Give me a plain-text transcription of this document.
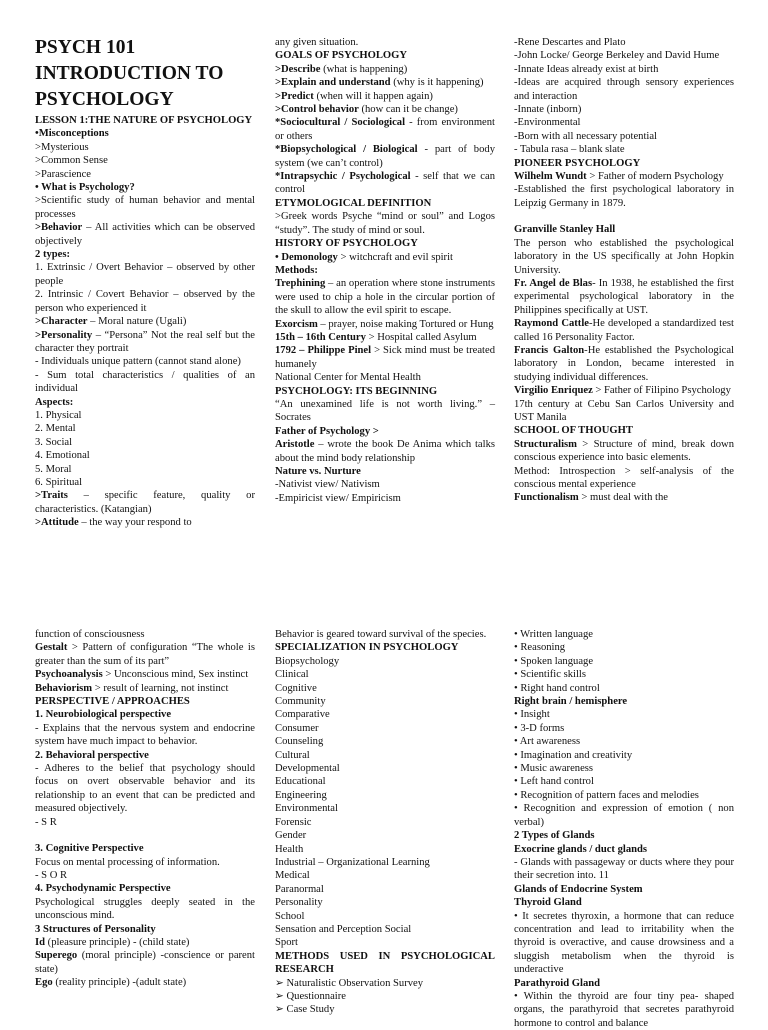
PSYCH 101
INTRODUCTION TO
PSYCHOLOGY

LESSON 1:THE NATURE OF PSYCHOLOGY

•Misconceptions

>Mysterious

>Common Sense

>Parascience

• What is Psychology?

>Scientific study of human behavior and mental processes

>Behavior – All activities which can be observed objectively

2 types:

1. Extrinsic / Overt Behavior – observed by other people

2. Intrinsic / Covert Behavior – observed by the person who experienced it

>Character – Moral nature (Ugali)

>Personality – “Persona” Not the real self but the character they portrait

- Individuals unique pattern (cannot stand alone)

- Sum total characteristics / qualities of an individual

Aspects:

1. Physical

2. Mental

3. Social

4. Emotional

5. Moral

6. Spiritual

>Traits – specific feature, quality or characteristics. (Katangian)

>Attitude – the way your respond to

any given situation.

GOALS OF PSYCHOLOGY

>Describe (what is happening)

>Explain and understand (why is it happening)

>Predict (when will it happen again)

>Control behavior (how can it be change)

*Sociocultural / Sociological - from environment or others

*Biopsychological / Biological - part of body system (we can’t control)

*Intrapsychic / Psychological - self that we can control

ETYMOLOGICAL DEFINITION

>Greek words Psyche “mind or soul” and Logos “study”. The study of mind or soul.

HISTORY OF PSYCHOLOGY

• Demonology > witchcraft and evil spirit

Methods:

Trephining – an operation where stone instruments were used to chip a hole in the circular portion of the skull to allow the evil spirit to escape.

Exorcism – prayer, noise making Tortured or Hung

15th – 16th Century > Hospital called Asylum

1792 – Philippe Pinel > Sick mind must be treated humanely

National Center for Mental Health

PSYCHOLOGY: ITS BEGINNING

“An unexamined life is not worth living.” – Socrates

Father of Psychology >

Aristotle – wrote the book De Anima which talks about the mind body relationship

Nature vs. Nurture

-Nativist view/ Nativism

-Empiricist view/ Empiricism

-Rene Descartes and Plato

-John Locke/ George Berkeley and David Hume

-Innate Ideas already exist at birth

-Ideas are acquired through sensory experiences and interaction

-Innate (inborn)

-Environmental

-Born with all necessary potential

- Tabula rasa – blank slate

PIONEER PSYCHOLOGY

Wilhelm Wundt > Father of modern Psychology

-Established the first psychological laboratory in Leipzig Germany in 1879.

Granville Stanley Hall

The person who established the psychological laboratory in the US specifically at John Hopkin University.

Fr. Angel de Blas- In 1938, he established the first experimental psychological laboratory in the Philippines specifically at UST.

Raymond Cattle-He developed a standardized test called 16 Personality Factor.

Francis Galton-He established the Psychological laboratory in London, became interested in studying individual differences.

Virgilio Enriquez > Father of Filipino Psychology

17th century at Cebu San Carlos University and UST Manila

SCHOOL OF THOUGHT

Structuralism > Structure of mind, break down conscious experience into basic elements.

Method: Introspection > self-analysis of the conscious mental experience

Functionalism > must deal with the

function of consciousness

Gestalt > Pattern of configuration “The whole is greater than the sum of its part”

Psychoanalysis > Unconscious mind, Sex instinct

Behaviorism > result of learning, not instinct

PERSPECTIVE / APPROACHES

1. Neurobiological perspective

- Explains that the nervous system and endocrine system have much impact to behavior.

2. Behavioral perspective

- Adheres to the belief that psychology should focus on overt observable behavior and its relationship to an event that can be predicted and measured objectively.

- S R

3. Cognitive Perspective

Focus on mental processing of information.

- S O R

4. Psychodynamic Perspective

Psychological struggles deeply seated in the unconscious mind.

3 Structures of Personality

Id (pleasure principle) - (child state)

Superego (moral principle) -conscience or parent state)

Ego (reality principle) -(adult state)

Behavior is geared toward survival of the species.

SPECIALIZATION IN PSYCHOLOGY

Biopsychology

Clinical

Cognitive

Community

Comparative

Consumer

Counseling

Cultural

Developmental

Educational

Engineering

Environmental

Forensic

Gender

Health

Industrial – Organizational Learning

Medical

Paranormal

Personality

School

Sensation and Perception Social

Sport

METHODS USED IN PSYCHOLOGICAL RESEARCH

➢ Naturalistic Observation Survey

➢ Questionnaire

➢ Case Study

• Written language

• Reasoning

• Spoken language

• Scientific skills

• Right hand control

Right brain / hemisphere

• Insight

• 3-D forms

• Art awareness

• Imagination and creativity

• Music awareness

• Left hand control

• Recognition of pattern faces and melodies

• Recognition and expression of emotion ( non verbal)

2 Types of Glands

Exocrine glands / duct glands

- Glands with passageway or ducts where they pour their secretion into. 11

Glands of Endocrine System

Thyroid Gland

• It secretes thyroxin, a hormone that can reduce concentration and lead to irritability when the thyroid is overactive, and cause drowsiness and a sluggish metabolism when the thyroid is underactive

Parathyroid Gland

• Within the thyroid are four tiny pea- shaped organs, the parathyroid that secretes parathyroid hormone to control and balance
